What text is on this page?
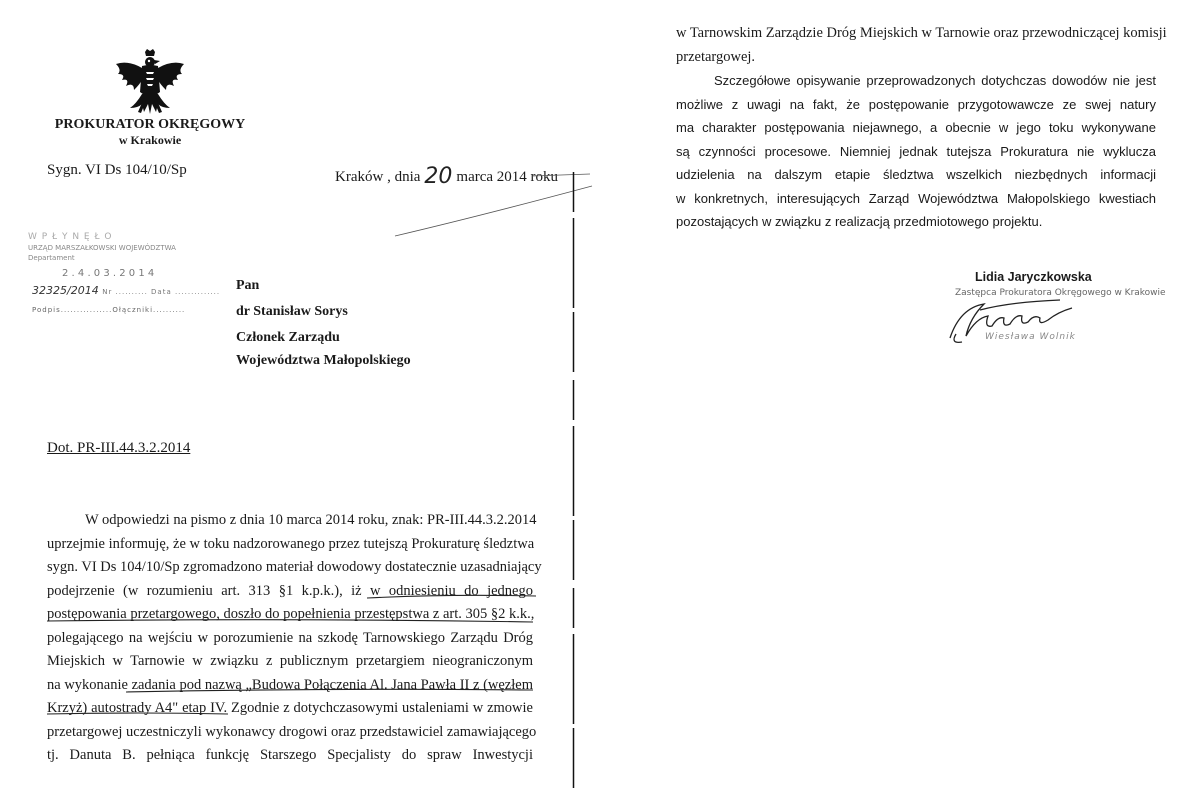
PROKURATOR OKRĘGOWY
w Krakowie
Sygn. VI Ds 104/10/Sp	Kraków , dnia 20 marca 2014 roku
W P Ł Y N Ę Ł O
URZĄD MARSZAŁKOWSKI WOJEWÓDZTWA
Departament
2 . 4 . 0 3 . 2 0 1 4
32325/2014 Nr .......... Data ..............
Podpis................Ołączniki..........
Pan
dr Stanisław Sorys
Członek Zarządu
Województwa Małopolskiego
Dot. PR-III.44.3.2.2014
W odpowiedzi na pismo z dnia 10 marca 2014 roku, znak: PR-III.44.3.2.2014
uprzejmie informuję, że w toku nadzorowanego przez tutejszą Prokuraturę śledztwa
sygn. VI Ds 104/10/Sp zgromadzono materiał dowodowy dostatecznie uzasadniający
podejrzenie (w rozumieniu art. 313 §1 k.p.k.), iż w odniesieniu do jednego
postępowania przetargowego, doszło do popełnienia przestępstwa z art. 305 §2 k.k.,
polegającego na wejściu w porozumienie na szkodę Tarnowskiego Zarządu Dróg
Miejskich w Tarnowie w związku z publicznym przetargiem nieograniczonym
na wykonanie zadania pod nazwą „Budowa Połączenia Al. Jana Pawła II z (węzłem
Krzyż) autostrady A4" etap IV. Zgodnie z dotychczasowymi ustaleniami w zmowie
przetargowej uczestniczyli wykonawcy drogowi oraz przedstawiciel zamawiającego
tj. Danuta B. pełniąca funkcję Starszego Specjalisty do spraw Inwestycji
w Tarnowskim Zarządzie Dróg Miejskich w Tarnowie oraz przewodniczącej komisji
przetargowej.
Szczegółowe opisywanie przeprowadzonych dotychczas dowodów nie jest
możliwe z uwagi na fakt, że postępowanie przygotowawcze ze swej natury
ma charakter postępowania niejawnego, a obecnie w jego toku wykonywane
są czynności procesowe. Niemniej jednak tutejsza Prokuratura nie wyklucza
udzielenia na dalszym etapie śledztwa wszelkich niezbędnych informacji
w konkretnych, interesujących Zarząd Województwa Małopolskiego kwestiach
pozostających w związku z realizacją przedmiotowego projektu.
Lidia Jaryczkowska
Zastępca Prokuratora Okręgowego w Krakowie
Wiesława Wolnik
